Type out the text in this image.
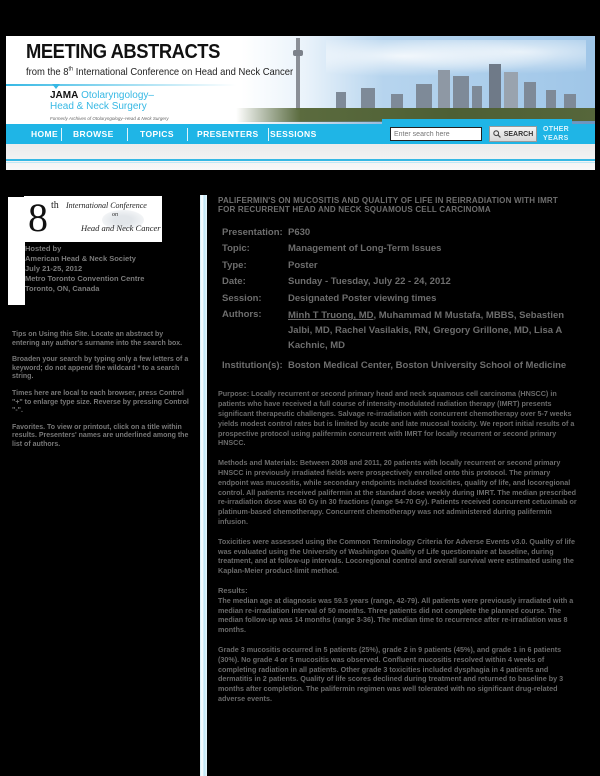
MEETING ABSTRACTS
from the 8th International Conference on Head and Neck Cancer
JAMA Otolaryngology–
Head & Neck Surgery
Formerly Archives of Otolaryngology–Head & Neck Surgery
HOME BROWSE	TOPICS	PRESENTERS SESSIONS
Enter search here	SEARCH
OTHER
YEARS
8 th International Conference
on
Head and Neck Cancer
Hosted by
American Head & Neck Society
July 21-25, 2012
Metro Toronto Convention Centre
Toronto, ON, Canada

Tips on Using this Site. Locate an abstract by entering any author's surname into the search box.

Broaden your search by typing only a few letters of a keyword; do not append the wildcard * to a search string.

Times here are local to each browser, press Control "+" to enlarge type size. Reverse by pressing Control "-".

Favorites. To view or printout, click on a title within results. Presenters' names are underlined among the list of authors.

PALIFERMIN'S ON MUCOSITIS AND QUALITY OF LIFE IN REIRRADIATION WITH IMRT FOR RECURRENT HEAD AND NECK SQUAMOUS CELL CARCINOMA
Presentation:	P630
Topic:	Management of Long-Term Issues
Type:	Poster
Date:	Sunday - Tuesday, July 22 - 24, 2012
Session:	Designated Poster viewing times
Authors:	Minh T Truong, MD, Muhammad M Mustafa, MBBS, Sebastien Jalbi, MD, Rachel Vasilakis, RN, Gregory Grillone, MD, Lisa A Kachnic, MD
Institution(s):	Boston Medical Center, Boston University School of Medicine

Purpose: Locally recurrent or second primary head and neck squamous cell carcinoma (HNSCC) in patients who have received a full course of intensity-modulated radiation therapy (IMRT) presents significant therapeutic challenges. Salvage re-irradiation with concurrent chemotherapy over 5-7 weeks yields modest control rates but is limited by acute and late mucosal toxicity. We report initial results of a prospective protocol using palifermin concurrent with IMRT for locally recurrent or second primary HNSCC.

Methods and Materials: Between 2008 and 2011, 20 patients with locally recurrent or second primary HNSCC in previously irradiated fields were prospectively enrolled onto this protocol. The primary endpoint was mucositis, while secondary endpoints included toxicities, quality of life, and locoregional control. All patients received palifermin at the standard dose weekly during IMRT. The median prescribed re-irradiation dose was 60 Gy in 30 fractions (range 54-70 Gy). Patients received concurrent cetuximab or platinum-based chemotherapy. Concurrent chemotherapy was not administered during palifermin infusion.

Toxicities were assessed using the Common Terminology Criteria for Adverse Events v3.0. Quality of life was evaluated using the University of Washington Quality of Life questionnaire at baseline, during treatment, and at follow-up intervals. Locoregional control and overall survival were estimated using the Kaplan-Meier product-limit method.

Results:

The median age at diagnosis was 59.5 years (range, 42-79). All patients were previously irradiated with a median re-irradiation interval of 50 months. Three patients did not complete the planned course. The median follow-up was 14 months (range 3-36). The median time to recurrence after re-irradiation was 8 months.

Grade 3 mucositis occurred in 5 patients (25%), grade 2 in 9 patients (45%), and grade 1 in 6 patients (30%). No grade 4 or 5 mucositis was observed. Confluent mucositis resolved within 4 weeks of completing radiation in all patients. Other grade 3 toxicities included dysphagia in 4 patients and dermatitis in 2 patients. Quality of life scores declined during treatment and returned to baseline by 3 months after completion. The palifermin regimen was well tolerated with no significant drug-related adverse events.
